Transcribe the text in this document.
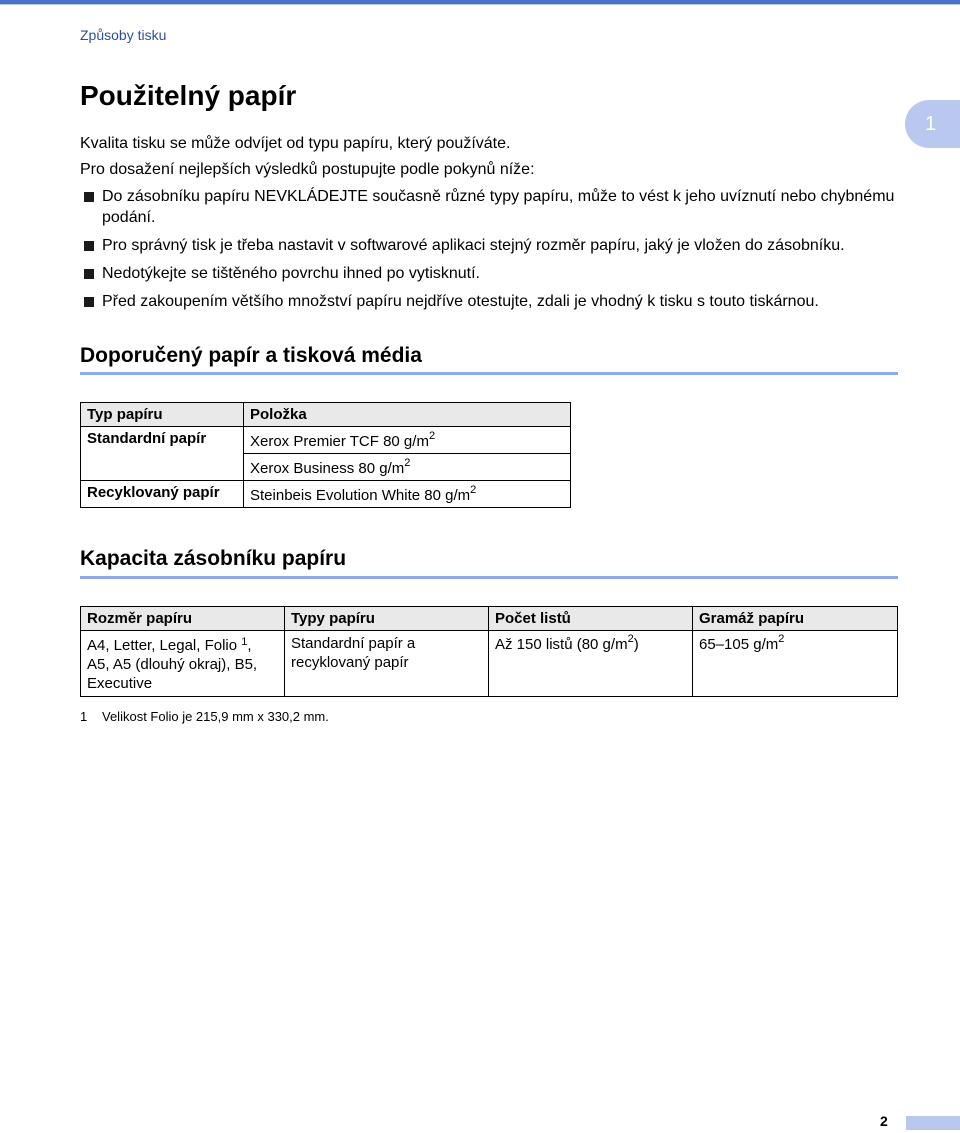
Způsoby tisku
1
Použitelný papír

Kvalita tisku se může odvíjet od typu papíru, který používáte.

Pro dosažení nejlepších výsledků postupujte podle pokynů níže:

Do zásobníku papíru NEVKLÁDEJTE současně různé typy papíru, může to vést k jeho uvíznutí nebo chybnému podání.
Pro správný tisk je třeba nastavit v softwarové aplikaci stejný rozměr papíru, jaký je vložen do zásobníku.
Nedotýkejte se tištěného povrchu ihned po vytisknutí.
Před zakoupením většího množství papíru nejdříve otestujte, zdali je vhodný k tisku s touto tiskárnou.
Doporučený papír a tisková média
Typ papíru	Položka
Standardní papír	Xerox Premier TCF 80 $g/m^2$
	Xerox Business 80 $g/m^2$
Recyklovaný papír	Steinbeis Evolution White 80 $g/m^2$
Kapacita zásobníku papíru
Rozměr papíru	Typy papíru	Počet listů	Gramáž papíru
A4, Letter, Legal, Folio $^1$,
A5, A5 (dlouhý okraj), B5, Executive	Standardní papír a recyklovaný papír	Až 150 listů (80 $g/m^2$)	65–105 $g/m^2$
1 Velikost Folio je 215,9 mm x 330,2 mm.
2
